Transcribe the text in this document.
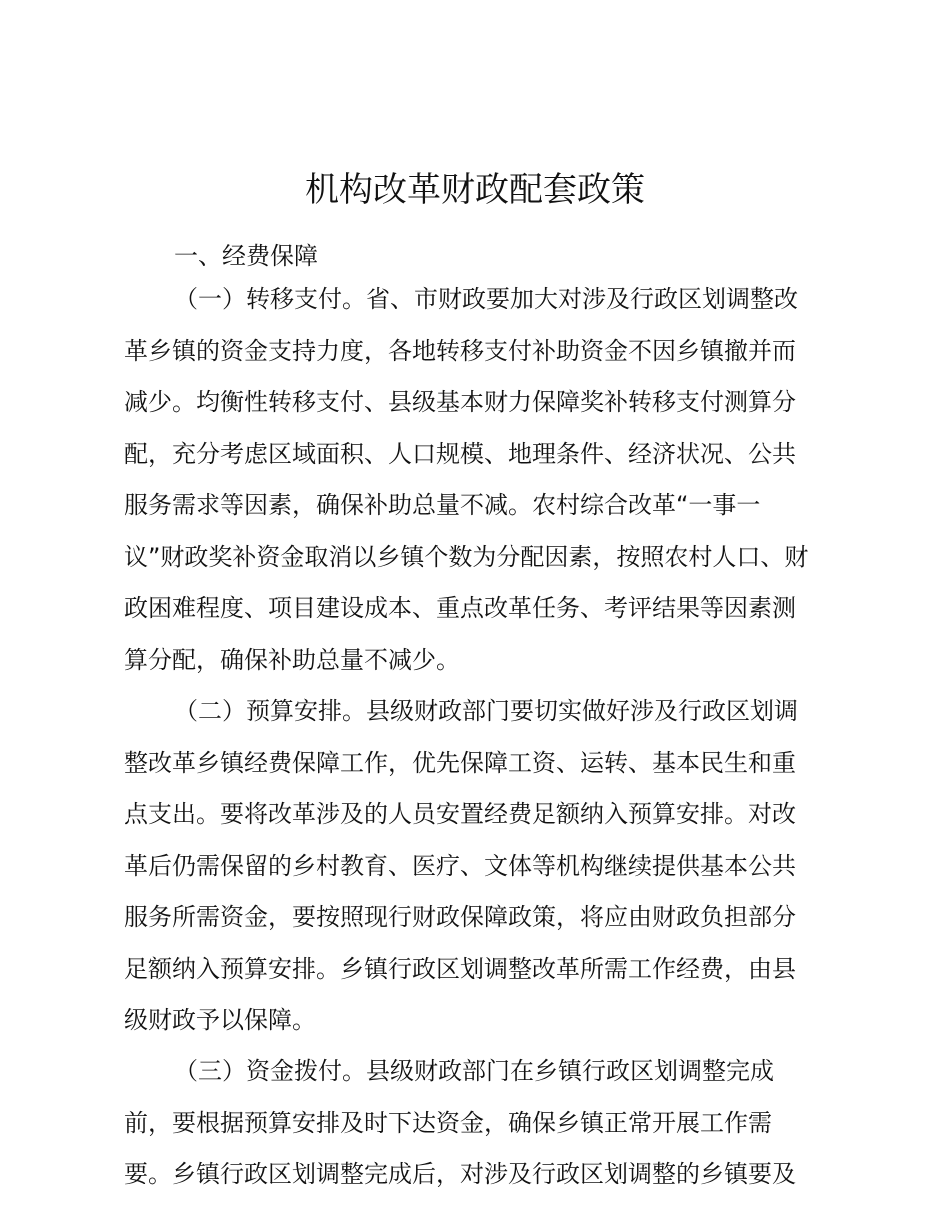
机构改革财政配套政策
一、经费保障
（一）转移支付。省、市财政要加大对涉及行政区划调整改
革乡镇的资金支持力度，各地转移支付补助资金不因乡镇撤并而
减少。均衡性转移支付、县级基本财力保障奖补转移支付测算分
配，充分考虑区域面积、人口规模、地理条件、经济状况、公共
服务需求等因素，确保补助总量不减。农村综合改革“一事一
议”财政奖补资金取消以乡镇个数为分配因素，按照农村人口、财
政困难程度、项目建设成本、重点改革任务、考评结果等因素测
算分配，确保补助总量不减少。
（二）预算安排。县级财政部门要切实做好涉及行政区划调
整改革乡镇经费保障工作，优先保障工资、运转、基本民生和重
点支出。要将改革涉及的人员安置经费足额纳入预算安排。对改
革后仍需保留的乡村教育、医疗、文体等机构继续提供基本公共
服务所需资金，要按照现行财政保障政策，将应由财政负担部分
足额纳入预算安排。乡镇行政区划调整改革所需工作经费，由县
级财政予以保障。
（三）资金拨付。县级财政部门在乡镇行政区划调整完成
前，要根据预算安排及时下达资金，确保乡镇正常开展工作需
要。乡镇行政区划调整完成后，对涉及行政区划调整的乡镇要及
